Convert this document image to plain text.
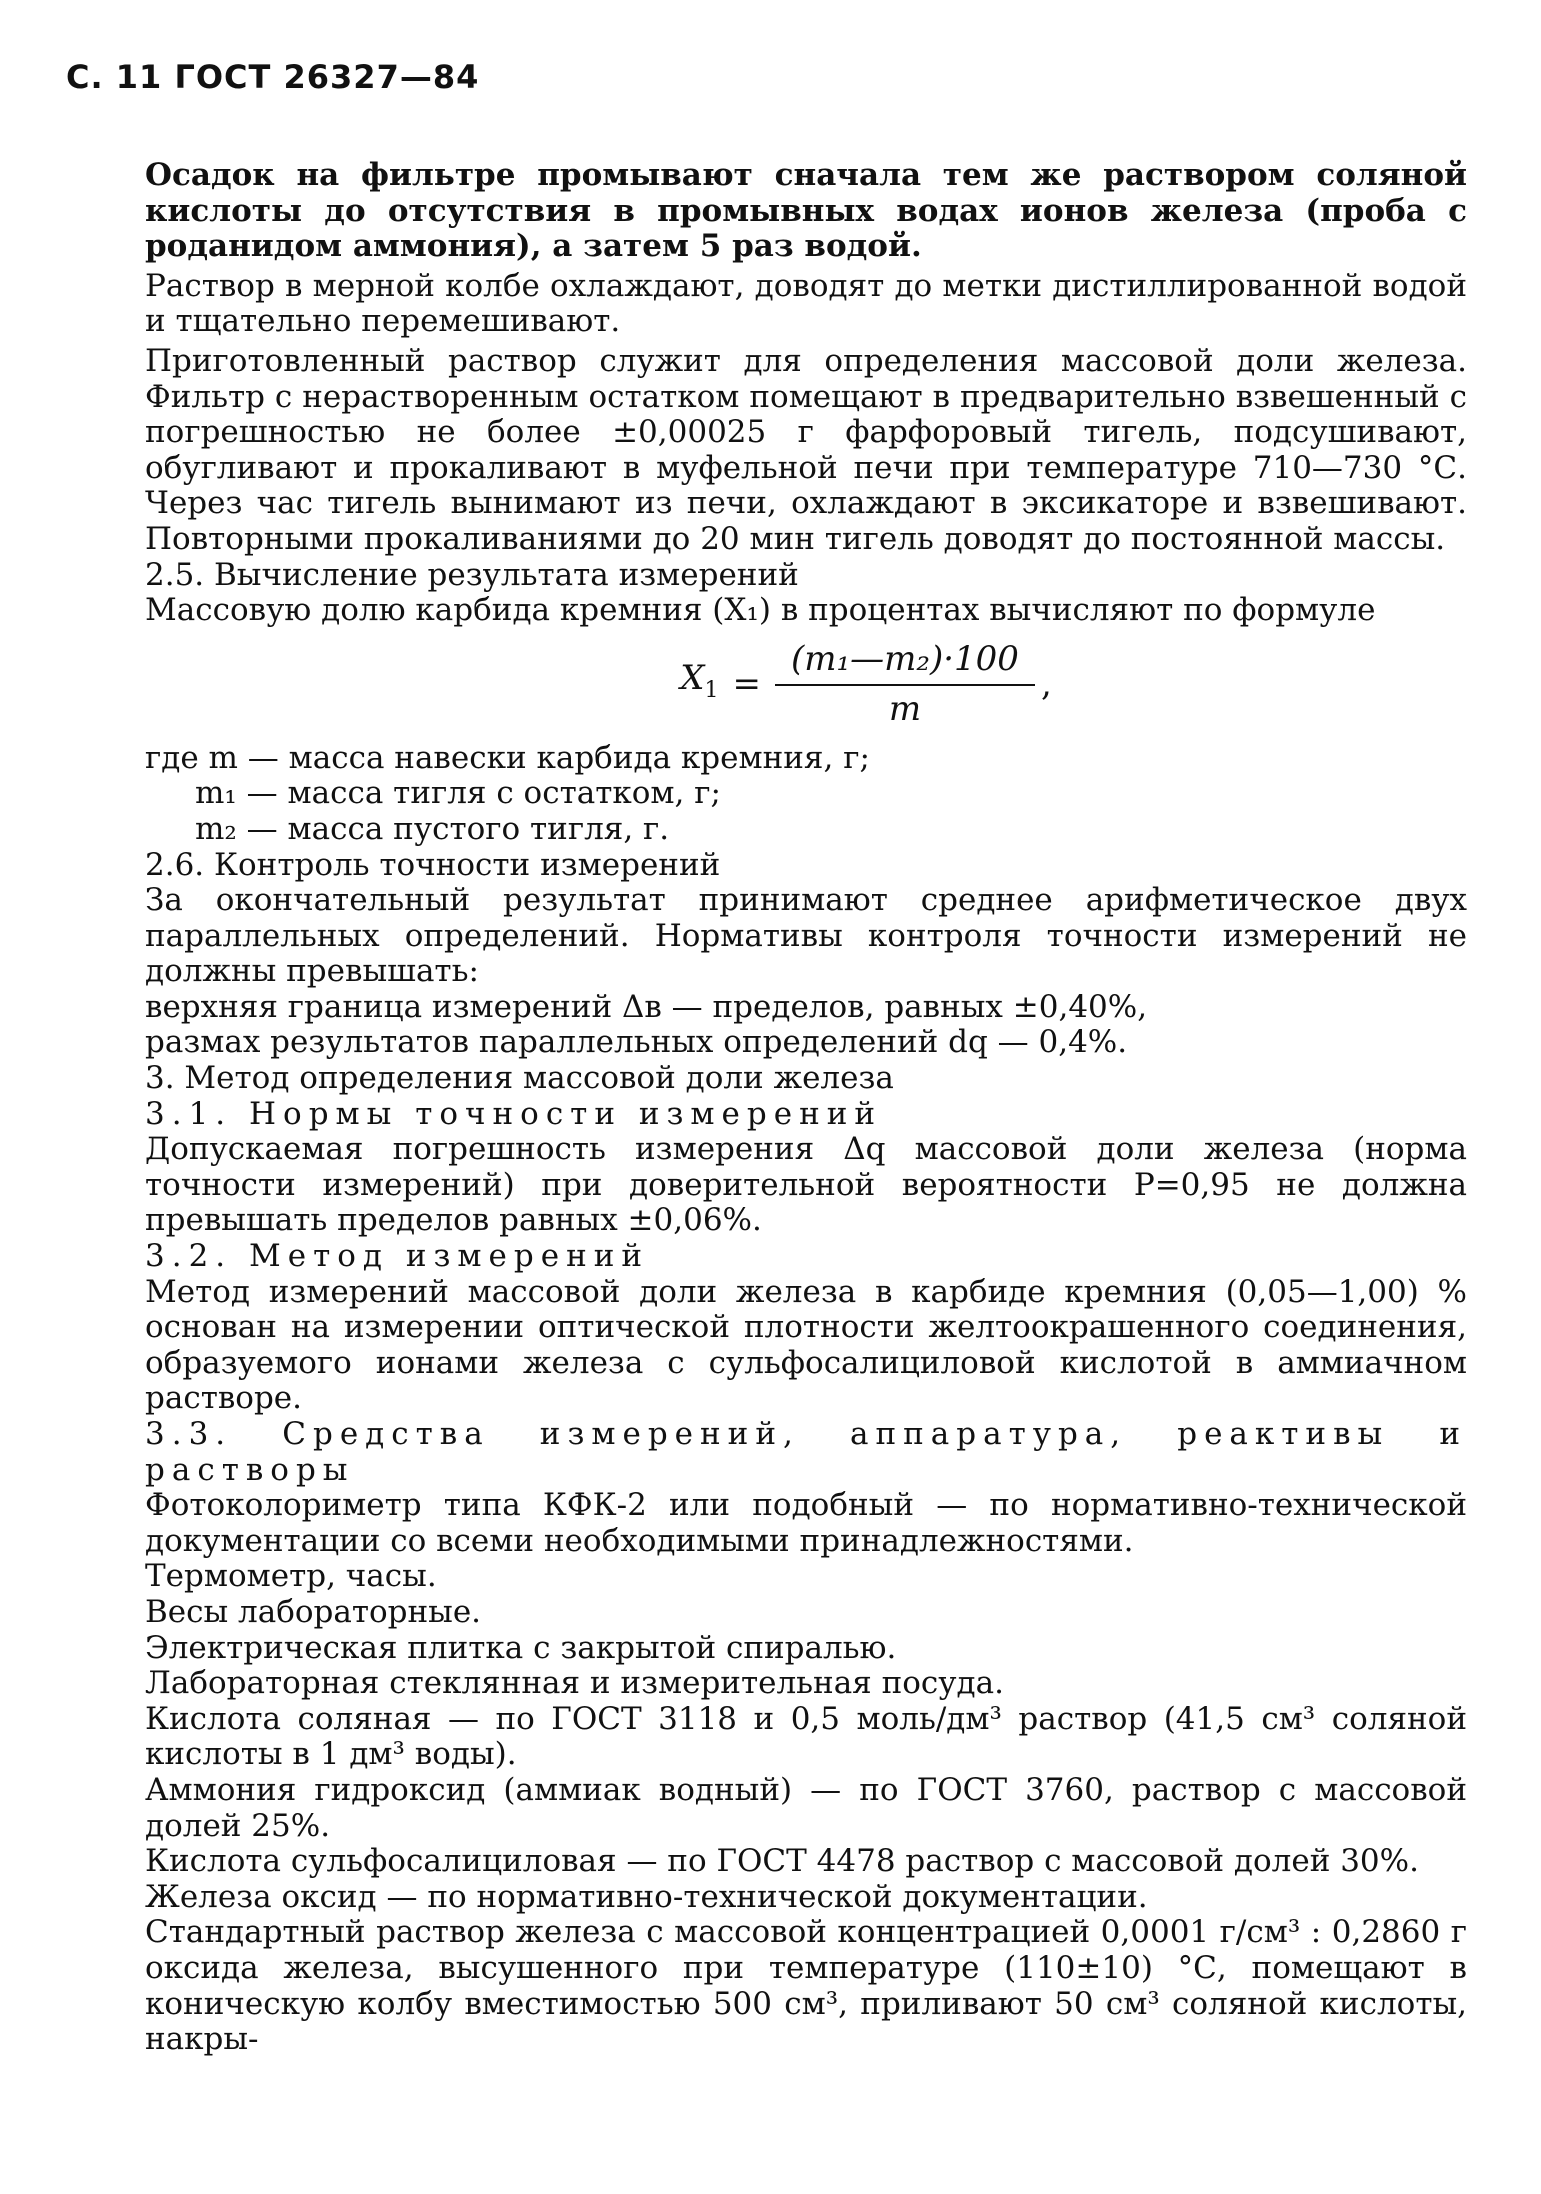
С. 11 ГОСТ 26327—84

Осадок на фильтре промывают сначала тем же раствором соляной кислоты до отсутствия в промывных водах ионов железа (проба с роданидом аммония), а затем 5 раз водой.

Раствор в мерной колбе охлаждают, доводят до метки дистиллированной водой и тщательно перемешивают.

Приготовленный раствор служит для определения массовой доли железа. Фильтр с нерастворенным остатком помещают в предварительно взвешенный с погрешностью не более ±0,00025 г фарфоровый тигель, подсушивают, обугливают и прокаливают в муфельной печи при температуре 710—730 °С. Через час тигель вынимают из печи, охлаждают в эксикаторе и взвешивают. Повторными прокаливаниями до 20 мин тигель доводят до постоянной массы.

2.5. Вычисление результата измерений

Массовую долю карбида кремния (X₁) в процентах вычисляют по формуле

$X_1 = \frac{\text{(m₁—m₂)·100}}{m}$ ,

где m — масса навески карбида кремния, г;

m₁ — масса тигля с остатком, г;

m₂ — масса пустого тигля, г.

2.6. Контроль точности измерений

За окончательный результат принимают среднее арифметическое двух параллельных определений. Нормативы контроля точности измерений не должны превышать:

верхняя граница измерений Δв — пределов, равных ±0,40%,

размах результатов параллельных определений dq — 0,4%.

3. Метод определения массовой доли железа

3.1. Нормы точности измерений

Допускаемая погрешность измерения Δq массовой доли железа (норма точности измерений) при доверительной вероятности P=0,95 не должна превышать пределов равных ±0,06%.

3.2. Метод измерений

Метод измерений массовой доли железа в карбиде кремния (0,05—1,00) % основан на измерении оптической плотности желтоокрашенного соединения, образуемого ионами железа с сульфосалициловой кислотой в аммиачном растворе.

3.3. Средства измерений, аппаратура, реактивы и растворы

Фотоколориметр типа КФК-2 или подобный — по нормативно-технической документации со всеми необходимыми принадлежностями.

Термометр, часы.

Весы лабораторные.

Электрическая плитка с закрытой спиралью.

Лабораторная стеклянная и измерительная посуда.

Кислота соляная — по ГОСТ 3118 и 0,5 моль/дм³ раствор (41,5 см³ соляной кислоты в 1 дм³ воды).

Аммония гидроксид (аммиак водный) — по ГОСТ 3760, раствор с массовой долей 25%.

Кислота сульфосалициловая — по ГОСТ 4478 раствор с массовой долей 30%.

Железа оксид — по нормативно-технической документации.

Стандартный раствор железа с массовой концентрацией 0,0001 г/см³ : 0,2860 г оксида железа, высушенного при температуре (110±10) °С, помещают в коническую колбу вместимостью 500 см³, приливают 50 см³ соляной кислоты, накры-
